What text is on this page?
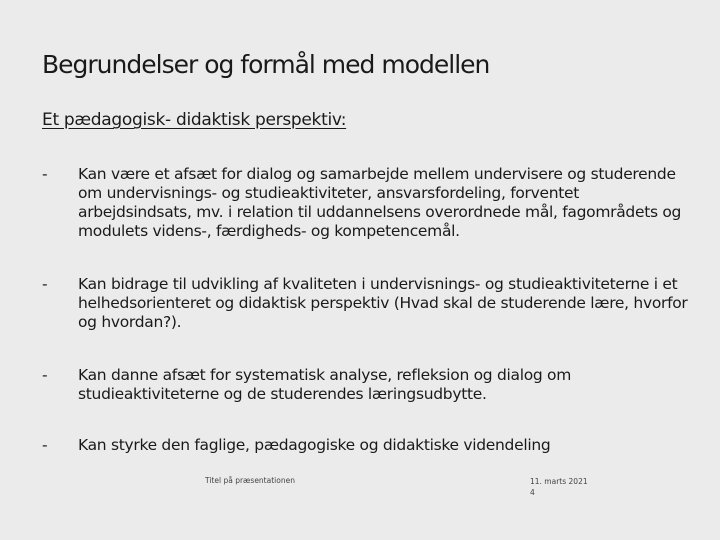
Begrundelser og formål med modellen
Et pædagogisk- didaktisk perspektiv:
-	Kan være et afsæt for dialog og samarbejde mellem undervisere og studerende om undervisnings- og studieaktiviteter, ansvarsfordeling, forventet arbejdsindsats, mv. i relation til uddannelsens overordnede mål, fagområdets og modulets videns-, færdigheds- og kompetencemål.
-	Kan bidrage til udvikling af kvaliteten i undervisnings- og studieaktiviteterne i et helhedsorienteret og didaktisk perspektiv (Hvad skal de studerende lære, hvorfor og hvordan?).
-	Kan danne afsæt for systematisk analyse, refleksion og dialog om studieaktiviteterne og de studerendes læringsudbytte.
-	Kan styrke den faglige, pædagogiske og didaktiske videndeling
Titel på præsentationen	11. marts 2021
4
